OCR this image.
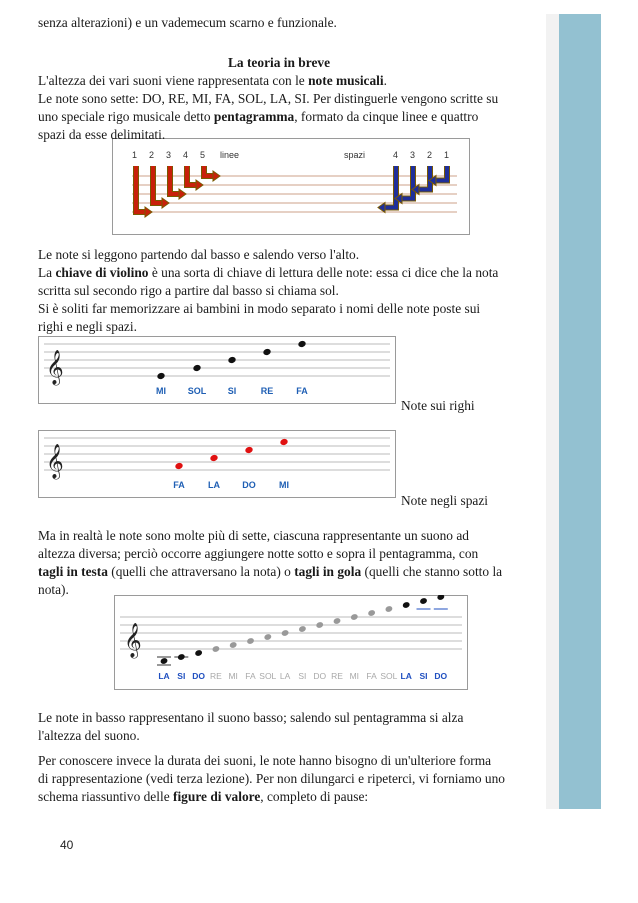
senza alterazioni) e un vademecum scarno e funzionale.
La teoria in breve
1 2 3 4 5 linee	spazi	4 3 2 1
𝄞
MI SOL SI	RE	FA
Note sui righi
𝄞
FA	LA DO	MI
Note negli spazi
𝄞
LA SI DO RE MI FA SOL LA SI DO RE MI FA SOL LA SI DO
40
L'altezza dei vari suoni viene rappresentata con le note musicali.
Le note sono sette: DO, RE, MI, FA, SOL, LA, SI. Per distinguerle vengono scritte su
uno speciale rigo musicale detto pentagramma, formato da cinque linee e quattro
spazi da esse delimitati.
Le note si leggono partendo dal basso e salendo verso l'alto.
La chiave di violino è una sorta di chiave di lettura delle note: essa ci dice che la nota
scritta sul secondo rigo a partire dal basso si chiama sol.
Si è soliti far memorizzare ai bambini in modo separato i nomi delle note poste sui
righi e negli spazi.
Ma in realtà le note sono molte più di sette, ciascuna rappresentante un suono ad
altezza diversa; perciò occorre aggiungere notte sotto e sopra il pentagramma, con
tagli in testa (quelli che attraversano la nota) o tagli in gola (quelli che stanno sotto la
nota).
Le note in basso rappresentano il suono basso; salendo sul pentagramma si alza
l'altezza del suono.
Per conoscere invece la durata dei suoni, le note hanno bisogno di un'ulteriore forma
di rappresentazione (vedi terza lezione). Per non dilungarci e ripeterci, vi forniamo uno
schema riassuntivo delle figure di valore, completo di pause:
